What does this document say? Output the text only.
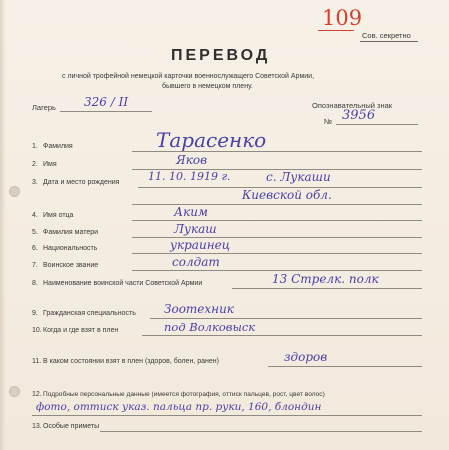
109
Сов. секретно
ПЕРЕВОД
с личной трофейной немецкой карточки военнослужащего Советской Армии,
бывшего в немецком плену.
Лагерь 326 / II	Опознавательный знак
№ 3956
1. Фамилия	Тарасенко
2. Имя	Яков
3. Дата и место рождения	11. 10. 1919 г.	с. Лукаши
Киевской обл.
4. Имя отца	Аким
5. Фамилия матери	Лукаш
6. Национальность	украинец
7. Воинское звание	солдат
8. Наименование воинской части Советской Армии	13 Стрелк. полк
9. Гражданская специальность Зоотехник
10. Когда и где взят в плен	под Волковыск
11. В каком состоянии взят в плен (здоров, болен, ранен)	здоров
12. Подробные персональные данные (имеется фотография, оттиск пальцев, рост, цвет волос)
фото, оттиск указ. пальца пр. руки, 160, блондин
13. Особые приметы
